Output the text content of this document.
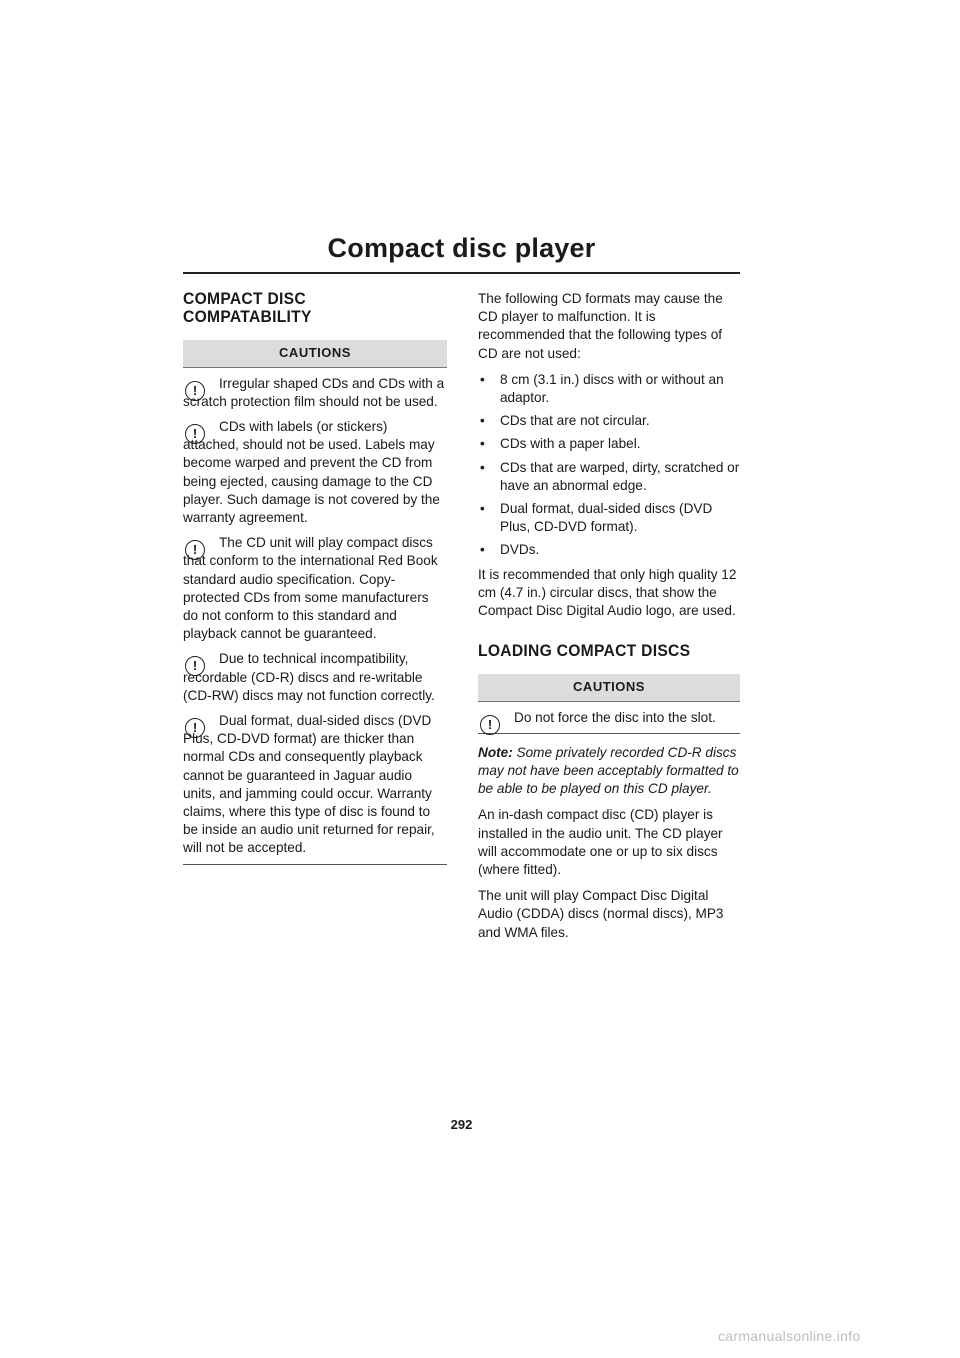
Compact disc player
COMPACT DISC COMPATABILITY
CAUTIONS
!	Irregular shaped CDs and CDs with a scratch protection film should not be used.

!	CDs with labels (or stickers) attached, should not be used. Labels may become warped and prevent the CD from being ejected, causing damage to the CD player. Such damage is not covered by the warranty agreement.

!	The CD unit will play compact discs that conform to the international Red Book standard audio specification. Copy-protected CDs from some manufacturers do not conform to this standard and playback cannot be guaranteed.

!	Due to technical incompatibility, recordable (CD-R) discs and re-writable (CD-RW) discs may not function correctly.

!	Dual format, dual-sided discs (DVD Plus, CD-DVD format) are thicker than normal CDs and consequently playback cannot be guaranteed in Jaguar audio units, and jamming could occur. Warranty claims, where this type of disc is found to be inside an audio unit returned for repair, will not be accepted.

The following CD formats may cause the CD player to malfunction. It is recommended that the following types of CD are not used:

• 8 cm (3.1 in.) discs with or without an adaptor.
• CDs that are not circular.
• CDs with a paper label.
• CDs that are warped, dirty, scratched or have an abnormal edge.
• Dual format, dual-sided discs (DVD Plus, CD-DVD format).
• DVDs.

It is recommended that only high quality 12 cm (4.7 in.) circular discs, that show the Compact Disc Digital Audio logo, are used.

LOADING COMPACT DISCS
CAUTIONS
!	Do not force the disc into the slot.

Note: Some privately recorded CD-R discs may not have been acceptably formatted to be able to be played on this CD player.

An in-dash compact disc (CD) player is installed in the audio unit. The CD player will accommodate one or up to six discs (where fitted).

The unit will play Compact Disc Digital Audio (CDDA) discs (normal discs), MP3 and WMA files.

292
carmanualsonline.info
